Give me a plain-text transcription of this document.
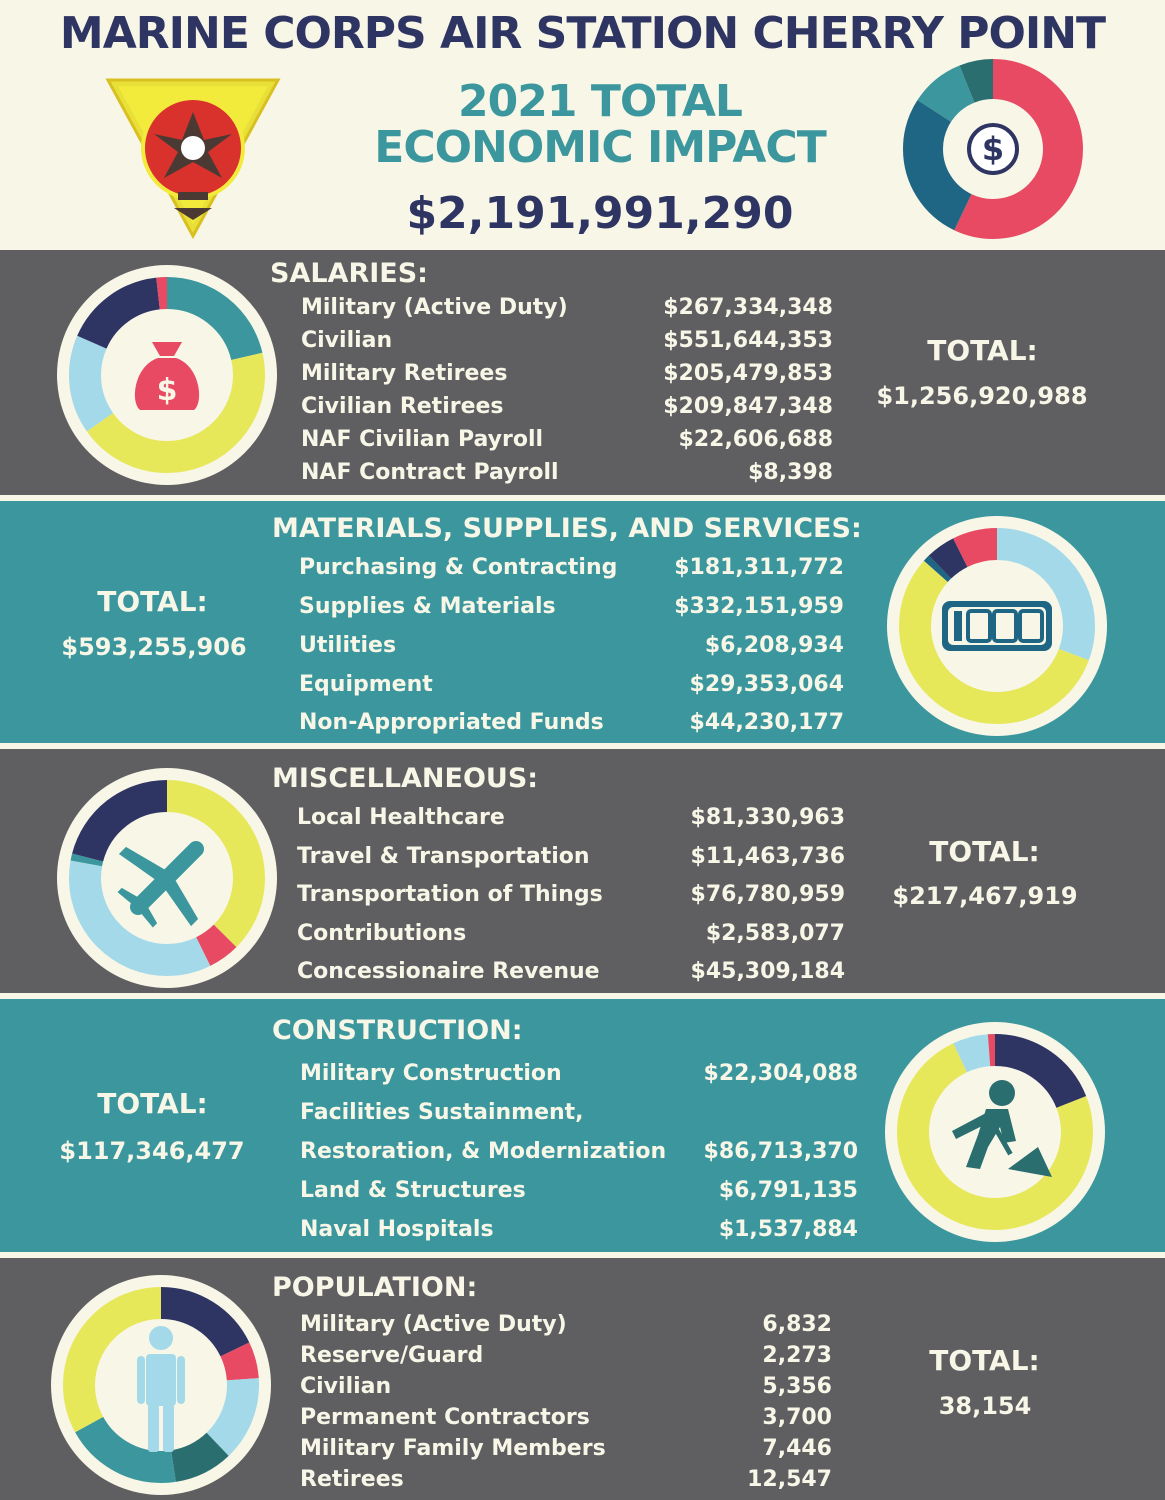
MARINE CORPS AIR STATION CHERRY POINT
2021 TOTAL
ECONOMIC IMPACT
$2,191,991,290
$
$
SALARIES:
Military (Active Duty)	$267,334,348
Civilian	$551,644,353
Military Retirees	$205,479,853
Civilian Retirees	$209,847,348
NAF Civilian Payroll	$22,606,688
NAF Contract Payroll	$8,398
TOTAL:
$1,256,920,988
MATERIALS, SUPPLIES, AND SERVICES:
TOTAL:
$593,255,906
Purchasing & Contracting	$181,311,772
Supplies & Materials	$332,151,959
Utilities	$6,208,934
Equipment	$29,353,064
Non-Appropriated Funds	$44,230,177
MISCELLANEOUS:
Local Healthcare	$81,330,963
Travel & Transportation	$11,463,736
Transportation of Things	$76,780,959
Contributions	$2,583,077
Concessionaire Revenue	$45,309,184
TOTAL:
$217,467,919
CONSTRUCTION:
TOTAL:
$117,346,477
Military Construction	$22,304,088
Facilities Sustainment,
Restoration, & Modernization	$86,713,370
Land & Structures	$6,791,135
Naval Hospitals	$1,537,884
POPULATION:
Military (Active Duty)	6,832
Reserve/Guard	2,273
Civilian	5,356
Permanent Contractors	3,700
Military Family Members	7,446
Retirees	12,547
TOTAL:
38,154
